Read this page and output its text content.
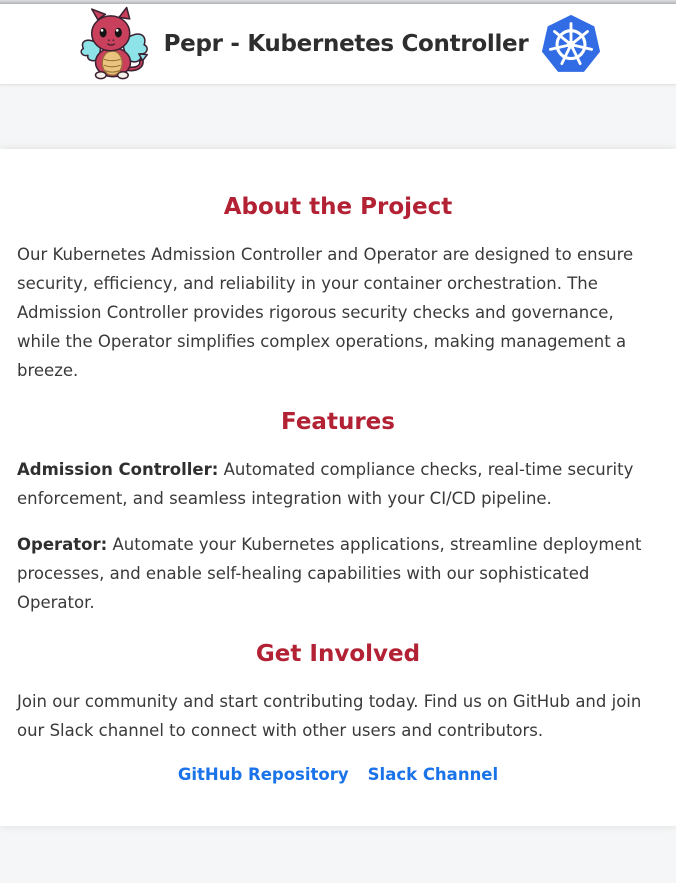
Pepr - Kubernetes Controller
About the Project

Our Kubernetes Admission Controller and Operator are designed to ensure security, efficiency, and reliability in your container orchestration. The Admission Controller provides rigorous security checks and governance, while the Operator simplifies complex operations, making management a breeze.

Features

Admission Controller: Automated compliance checks, real-time security enforcement, and seamless integration with your CI/CD pipeline.

Operator: Automate your Kubernetes applications, streamline deployment processes, and enable self-healing capabilities with our sophisticated Operator.

Get Involved

Join our community and start contributing today. Find us on GitHub and join our Slack channel to connect with other users and contributors.

GitHub Repository Slack Channel
